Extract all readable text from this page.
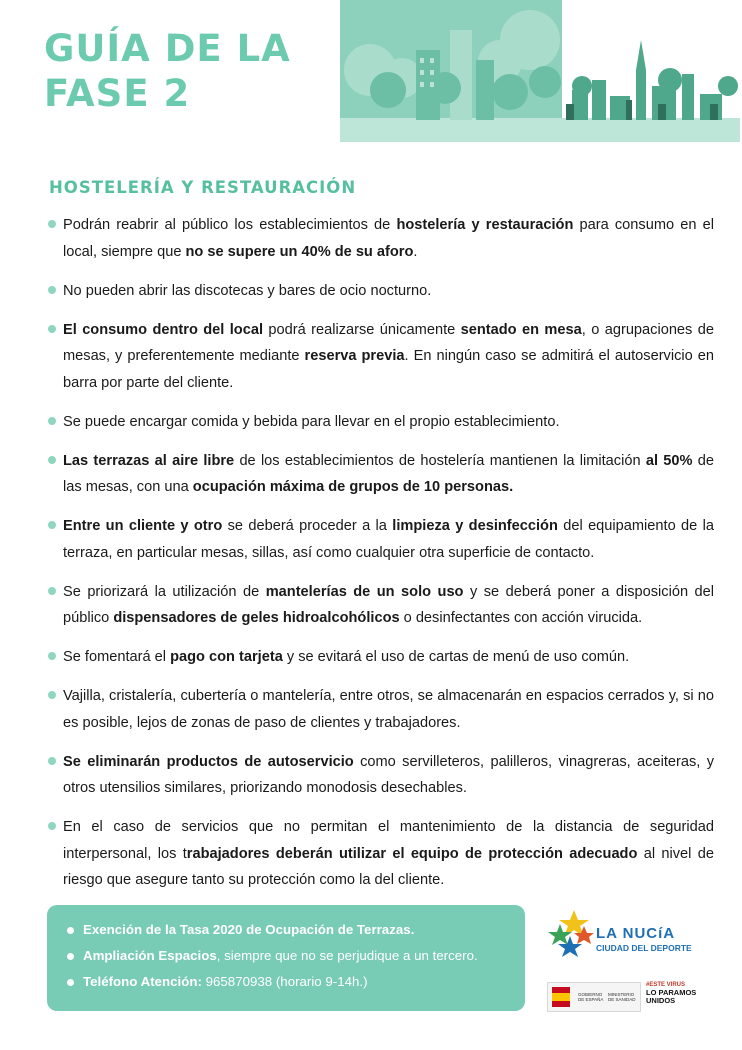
GUÍA DE LA
FASE 2
HOSTELERÍA Y RESTAURACIÓN
Podrán reabrir al público los establecimientos de hostelería y restauración para consumo en el local, siempre que no se supere un 40% de su aforo.
No pueden abrir las discotecas y bares de ocio nocturno.
El consumo dentro del local podrá realizarse únicamente sentado en mesa, o agrupaciones de mesas, y preferentemente mediante reserva previa. En ningún caso se admitirá el autoservicio en barra por parte del cliente.
Se puede encargar comida y bebida para llevar en el propio establecimiento.
Las terrazas al aire libre de los establecimientos de hostelería mantienen la limitación al 50% de las mesas, con una ocupación máxima de grupos de 10 personas.
Entre un cliente y otro se deberá proceder a la limpieza y desinfección del equipamiento de la terraza, en particular mesas, sillas, así como cualquier otra superficie de contacto.
Se priorizará la utilización de mantelerías de un solo uso y se deberá poner a disposición del público dispensadores de geles hidroalcohólicos o desinfectantes con acción virucida.
Se fomentará el pago con tarjeta y se evitará el uso de cartas de menú de uso común.
Vajilla, cristalería, cubertería o mantelería, entre otros, se almacenarán en espacios cerrados y, si no es posible, lejos de zonas de paso de clientes y trabajadores.
Se eliminarán productos de autoservicio como servilleteros, palilleros, vinagreras, aceiteras, y otros utensilios similares, priorizando monodosis desechables.
En el caso de servicios que no permitan el mantenimiento de la distancia de seguridad interpersonal, los trabajadores deberán utilizar el equipo de protección adecuado al nivel de riesgo que asegure tanto su protección como la del cliente.
Exención de la Tasa 2020 de Ocupación de Terrazas.
Ampliación Espacios, siempre que no se perjudique a un tercero.
Teléfono Atención: 965870938 (horario 9-14h.)
LA NUCíA
CIUDAD DEL DEPORTE
GOBIERNO DE ESPAÑA
MINISTERIO DE SANIDAD
#ESTE VIRUS
LO PARAMOS UNIDOS
